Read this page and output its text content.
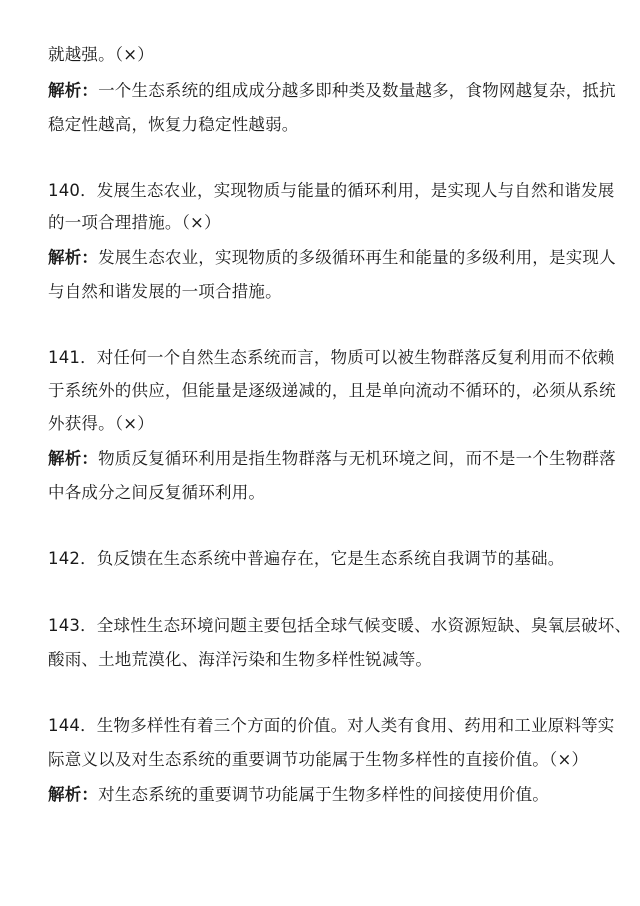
就越强。（×）
解析：一个生态系统的组成成分越多即种类及数量越多，食物网越复杂，抵抗
稳定性越高，恢复力稳定性越弱。
140．发展生态农业，实现物质与能量的循环利用，是实现人与自然和谐发展
的一项合理措施。（×）
解析：发展生态农业，实现物质的多级循环再生和能量的多级利用，是实现人
与自然和谐发展的一项合措施。
141．对任何一个自然生态系统而言，物质可以被生物群落反复利用而不依赖
于系统外的供应，但能量是逐级递减的，且是单向流动不循环的，必须从系统
外获得。（×）
解析：物质反复循环利用是指生物群落与无机环境之间，而不是一个生物群落
中各成分之间反复循环利用。
142．负反馈在生态系统中普遍存在，它是生态系统自我调节的基础。
143．全球性生态环境问题主要包括全球气候变暖、水资源短缺、臭氧层破坏、
酸雨、土地荒漠化、海洋污染和生物多样性锐减等。
144．生物多样性有着三个方面的价值。对人类有食用、药用和工业原料等实
际意义以及对生态系统的重要调节功能属于生物多样性的直接价值。（×）
解析：对生态系统的重要调节功能属于生物多样性的间接使用价值。
